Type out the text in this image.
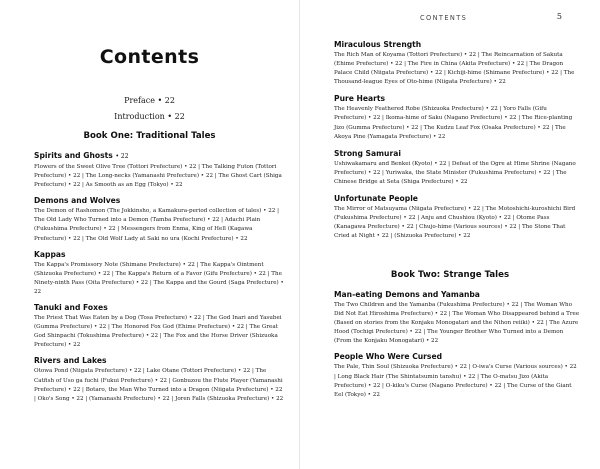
Contents
Preface • 22
Introduction • 22
Book One: Traditional Tales
Spirits and Ghosts • 22
Flowers of the Sweet Olive Tree (Tottori Prefecture) • 22 | The Talking Futon (Tottori Prefecture) • 22 | The Long-necks (Yamanashi Prefecture) • 22 | The Ghost Cart (Shiga Prefecture) • 22 | As Smooth as an Egg (Tokyo) • 22
Demons and Wolves
The Demon of Rashomon (The Jokkinsho, a Kamakura-period collection of tales) • 22 | The Old Lady Who Turned into a Demon (Tamba Prefecture) • 22 | Adachi Plain (Fukushima Prefecture) • 22 | Messengers from Enma, King of Hell (Kagawa Prefecture) • 22 | The Old Wolf Lady at Saki no ura (Kochi Prefecture) • 22
Kappas
The Kappa's Promissory Note (Shimane Prefecture) • 22 | The Kappa's Ointment (Shizuoka Prefecture) • 22 | The Kappa's Return of a Favor (Gifu Prefecture) • 22 | The Ninety-ninth Pass (Oita Prefecture) • 22 | The Kappa and the Gourd (Saga Prefecture) • 22
Tanuki and Foxes
The Priest That Was Eaten by a Dog (Tosa Prefecture) • 22 | The God Inari and Yasubei (Gumma Prefecture) • 22 | The Honored Fox God (Ehime Prefecture) • 22 | The Great God Shinpachi (Tokushima Prefecture) • 22 | The Fox and the Horse Driver (Shizuoka Prefecture) • 22
Rivers and Lakes
Otowa Pond (Niigata Prefecture) • 22 | Lake Otane (Tottori Prefecture) • 22 | The Catfish of Uso ga fuchi (Fukui Prefecture) • 22 | Gonbuzou the Flute Player (Yamanashi Prefecture) • 22 | Botaro, the Man Who Turned into a Dragon (Niigata Prefecture) • 22 | Oko's Song • 22 | (Yamanashi Prefecture) • 22 | Joren Falls (Shizuoka Prefecture) • 22
CONTENTS	5
Miraculous Strength
The Rich Man of Koyama (Tottori Prefecture) • 22 | The Reincarnation of Sakuta (Ehime Prefecture) • 22 | The Fire in China (Akita Prefecture) • 22 | The Dragon Palace Child (Niigata Prefecture) • 22 | Kichiji-hime (Shimane Prefecture) • 22 | The Thousand-league Eyes of Oto-hime (Niigata Prefecture) • 22
Pure Hearts
The Heavenly Feathered Robe (Shizuoka Prefecture) • 22 | Yoro Falls (Gifu Prefecture) • 22 | Ikoma-hime of Saku (Nagano Prefecture) • 22 | The Rice-planting Jizo (Gumma Prefecture) • 22 | The Kudzu Leaf Fox (Osaka Prefecture) • 22 | The Akoya Pine (Yamagata Prefecture) • 22
Strong Samurai
Ushiwakamaru and Benkei (Kyoto) • 22 | Defeat of the Ogre at Hime Shrine (Nagano Prefecture) • 22 | Yuriwaka, the State Minister (Fukushima Prefecture) • 22 | The Chinese Bridge at Seta (Shiga Prefecture) • 22
Unfortunate People
The Mirror of Matsuyama (Niigata Prefecture) • 22 | The Motoshichi-kuroshichi Bird (Fukushima Prefecture) • 22 | Anju and Chushiou (Kyoto) • 22 | Otome Pass (Kanagawa Prefecture) • 22 | Chujo-hime (Various sources) • 22 | The Stone That Cried at Night • 22 | (Shizuoka Prefecture) • 22
Book Two: Strange Tales
Man-eating Demons and Yamanba
The Two Children and the Yamanba (Fukushima Prefecture) • 22 | The Woman Who Did Not Eat Hiroshima Prefecture) • 22 | The Woman Who Disappeared behind a Tree (Based on stories from the Konjaku Monogatari and the Nihon reiiki) • 22 | The Azure Hood (Tochigi Prefecture) • 22 | The Younger Brother Who Turned into a Demon (From the Konjaku Monogatari) • 22
People Who Were Cursed
The Pale, Thin Soul (Shizuoka Prefecture) • 22 | O-iwa's Curse (Various sources) • 22 | Long Black Hair (The Shintatsumin tanshu) • 22 | The O-matsu Jizo (Akita Prefecture) • 22 | O-kiku's Curse (Nagano Prefecture) • 22 | The Curse of the Giant Eel (Tokyo) • 22
